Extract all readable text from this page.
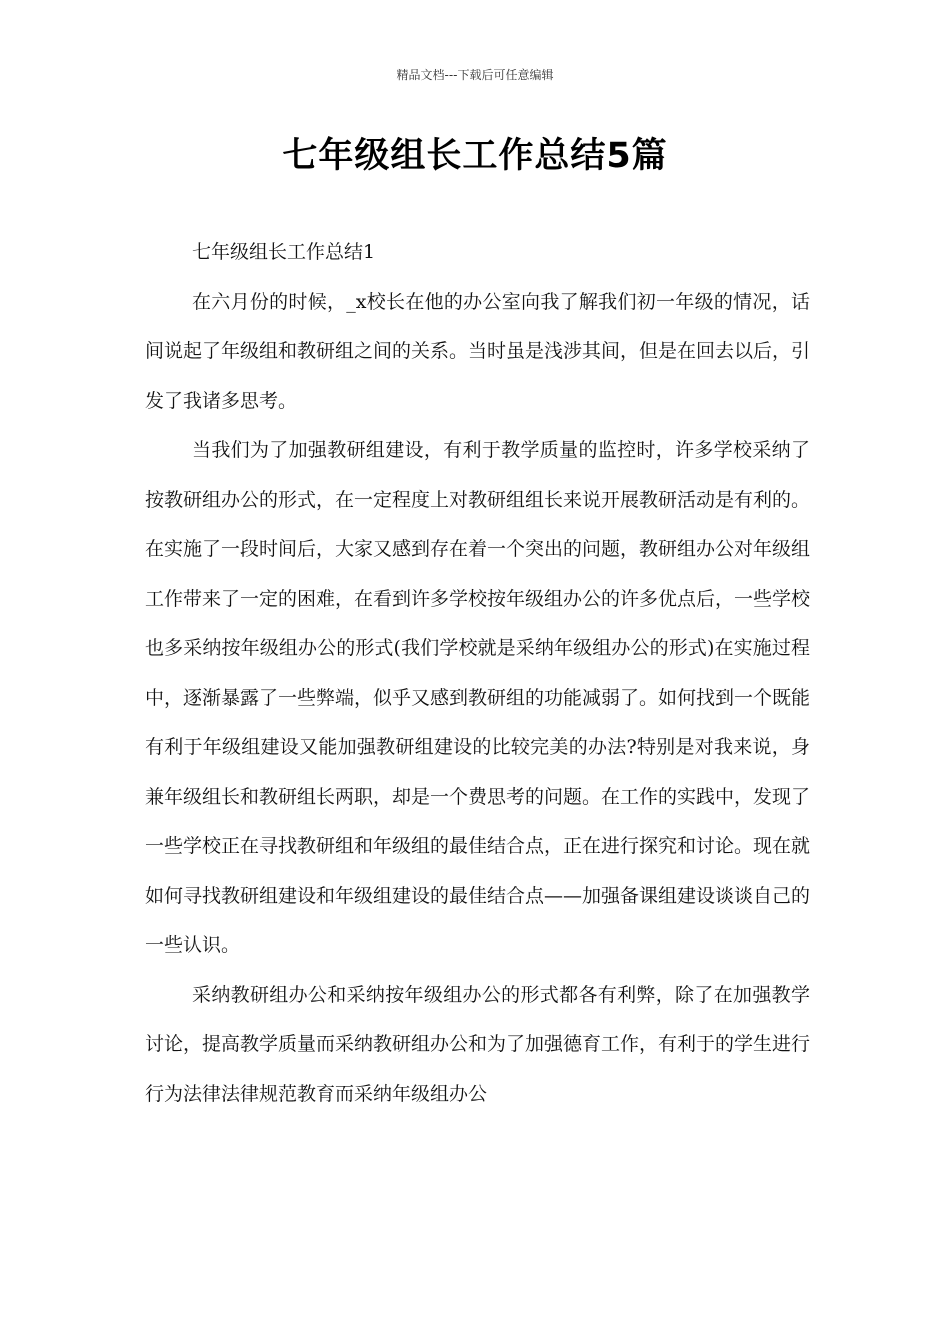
精品文档---下载后可任意编辑
七年级组长工作总结5篇

七年级组长工作总结1

在六月份的时候，_x校长在他的办公室向我了解我们初一年级的情况，话间说起了年级组和教研组之间的关系。当时虽是浅涉其间，但是在回去以后，引发了我诸多思考。

当我们为了加强教研组建设，有利于教学质量的监控时，许多学校采纳了按教研组办公的形式，在一定程度上对教研组组长来说开展教研活动是有利的。在实施了一段时间后，大家又感到存在着一个突出的问题，教研组办公对年级组工作带来了一定的困难，在看到许多学校按年级组办公的许多优点后，一些学校也多采纳按年级组办公的形式(我们学校就是采纳年级组办公的形式)在实施过程中，逐渐暴露了一些弊端，似乎又感到教研组的功能减弱了。如何找到一个既能有利于年级组建设又能加强教研组建设的比较完美的办法?特别是对我来说，身兼年级组长和教研组长两职，却是一个费思考的问题。在工作的实践中，发现了一些学校正在寻找教研组和年级组的最佳结合点，正在进行探究和讨论。现在就如何寻找教研组建设和年级组建设的最佳结合点——加强备课组建设谈谈自己的一些认识。

采纳教研组办公和采纳按年级组办公的形式都各有利弊，除了在加强教学讨论，提高教学质量而采纳教研组办公和为了加强德育工作，有利于的学生进行行为法律法律规范教育而采纳年级组办公
